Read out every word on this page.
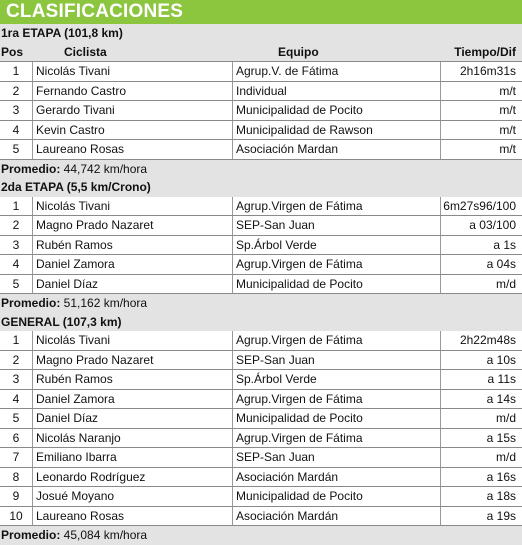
CLASIFICACIONES
1ra ETAPA (101,8 km)
Pos	Ciclista	Equipo	Tiempo/Dif
1	Nicolás Tivani	Agrup.V. de Fátima	2h16m31s
2	Fernando Castro	Individual	m/t
3	Gerardo Tivani	Municipalidad de Pocito	m/t
4	Kevin Castro	Municipalidad de Rawson	m/t
5	Laureano Rosas	Asociación Mardan	m/t
Promedio: 44,742 km/hora
2da ETAPA (5,5 km/Crono)
1	Nicolás Tivani	Agrup.Virgen de Fátima	6m27s96/100
2	Magno Prado Nazaret	SEP-San Juan	a 03/100
3	Rubén Ramos	Sp.Árbol Verde	a 1s
4	Daniel Zamora	Agrup.Virgen de Fátima	a 04s
5	Daniel Díaz	Municipalidad de Pocito	m/d
Promedio: 51,162 km/hora
GENERAL (107,3 km)
1	Nicolás Tivani	Agrup.Virgen de Fátima	2h22m48s
2	Magno Prado Nazaret	SEP-San Juan	a 10s
3	Rubén Ramos	Sp.Árbol Verde	a 11s
4	Daniel Zamora	Agrup.Virgen de Fátima	a 14s
5	Daniel Díaz	Municipalidad de Pocito	m/d
6	Nicolás Naranjo	Agrup.Virgen de Fátima	a 15s
7	Emiliano Ibarra	SEP-San Juan	m/d
8	Leonardo Rodríguez	Asociación Mardán	a 16s
9	Josué Moyano	Municipalidad de Pocito	a 18s
10	Laureano Rosas	Asociación Mardán	a 19s
Promedio: 45,084 km/hora
